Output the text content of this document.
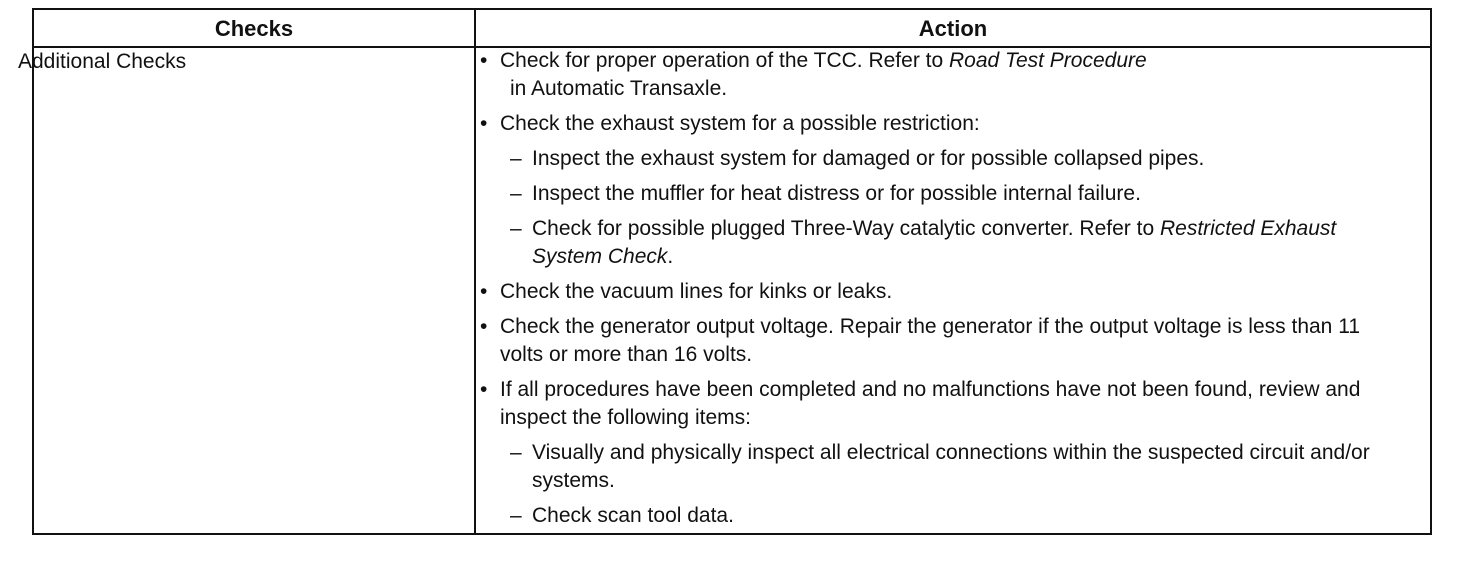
Checks	Action
Additional Checks	• Check for proper operation of the TCC. Refer to Road Test Procedure
in Automatic Transaxle.
• Check the exhaust system for a possible restriction:
– Inspect the exhaust system for damaged or for possible collapsed pipes.
– Inspect the muffler for heat distress or for possible internal failure.
– Check for possible plugged Three-Way catalytic converter. Refer to Restricted Exhaust System Check.
• Check the vacuum lines for kinks or leaks.
• Check the generator output voltage. Repair the generator if the output voltage is less than 11 volts or more than 16 volts.
• If all procedures have been completed and no malfunctions have not been found, review and inspect the following items:
– Visually and physically inspect all electrical connections within the suspected circuit and/or systems.
– Check scan tool data.
